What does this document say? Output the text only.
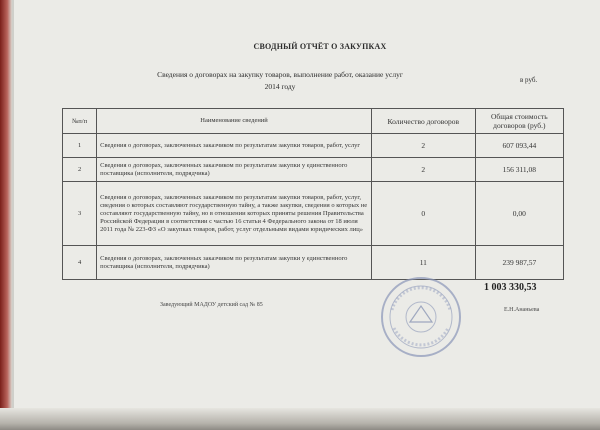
СВОДНЫЙ ОТЧЁТ О ЗАКУПКАХ
Сведения о договорах на закупку товаров, выполнение работ, оказание услуг
2014 году
в руб.
№п/п	Наименование сведений	Количество договоров	Общая стоимость договоров (руб.)
1	Сведения о договорах, заключенных заказчиком по результатам закупки товаров, работ, услуг	2	607 093,44
2	Сведения о договорах, заключенных заказчиком по результатам закупки у единственного поставщика (исполнителя, подрядчика)	2	156 311,08
3	Сведения о договорах, заключенных заказчиком по результатам закупки товаров, работ, услуг, сведения о которых составляют государственную тайну, а также закупки, сведения о которых не составляют государственную тайну, но в отношении которых приняты решения Правительства Российской Федерации в соответствии с частью 16 статьи 4 Федерального закона от 18 июля 2011 года № 223-ФЗ «О закупках товаров, работ, услуг отдельными видами юридических лиц»	0	0,00
4	Сведения о договорах, заключенных заказчиком по результатам закупки у единственного поставщика (исполнителя, подрядчика)	11	239 987,57
1 003 330,53
Заведующий МАДОУ детский сад № 85
Е.Н.Ананьева
